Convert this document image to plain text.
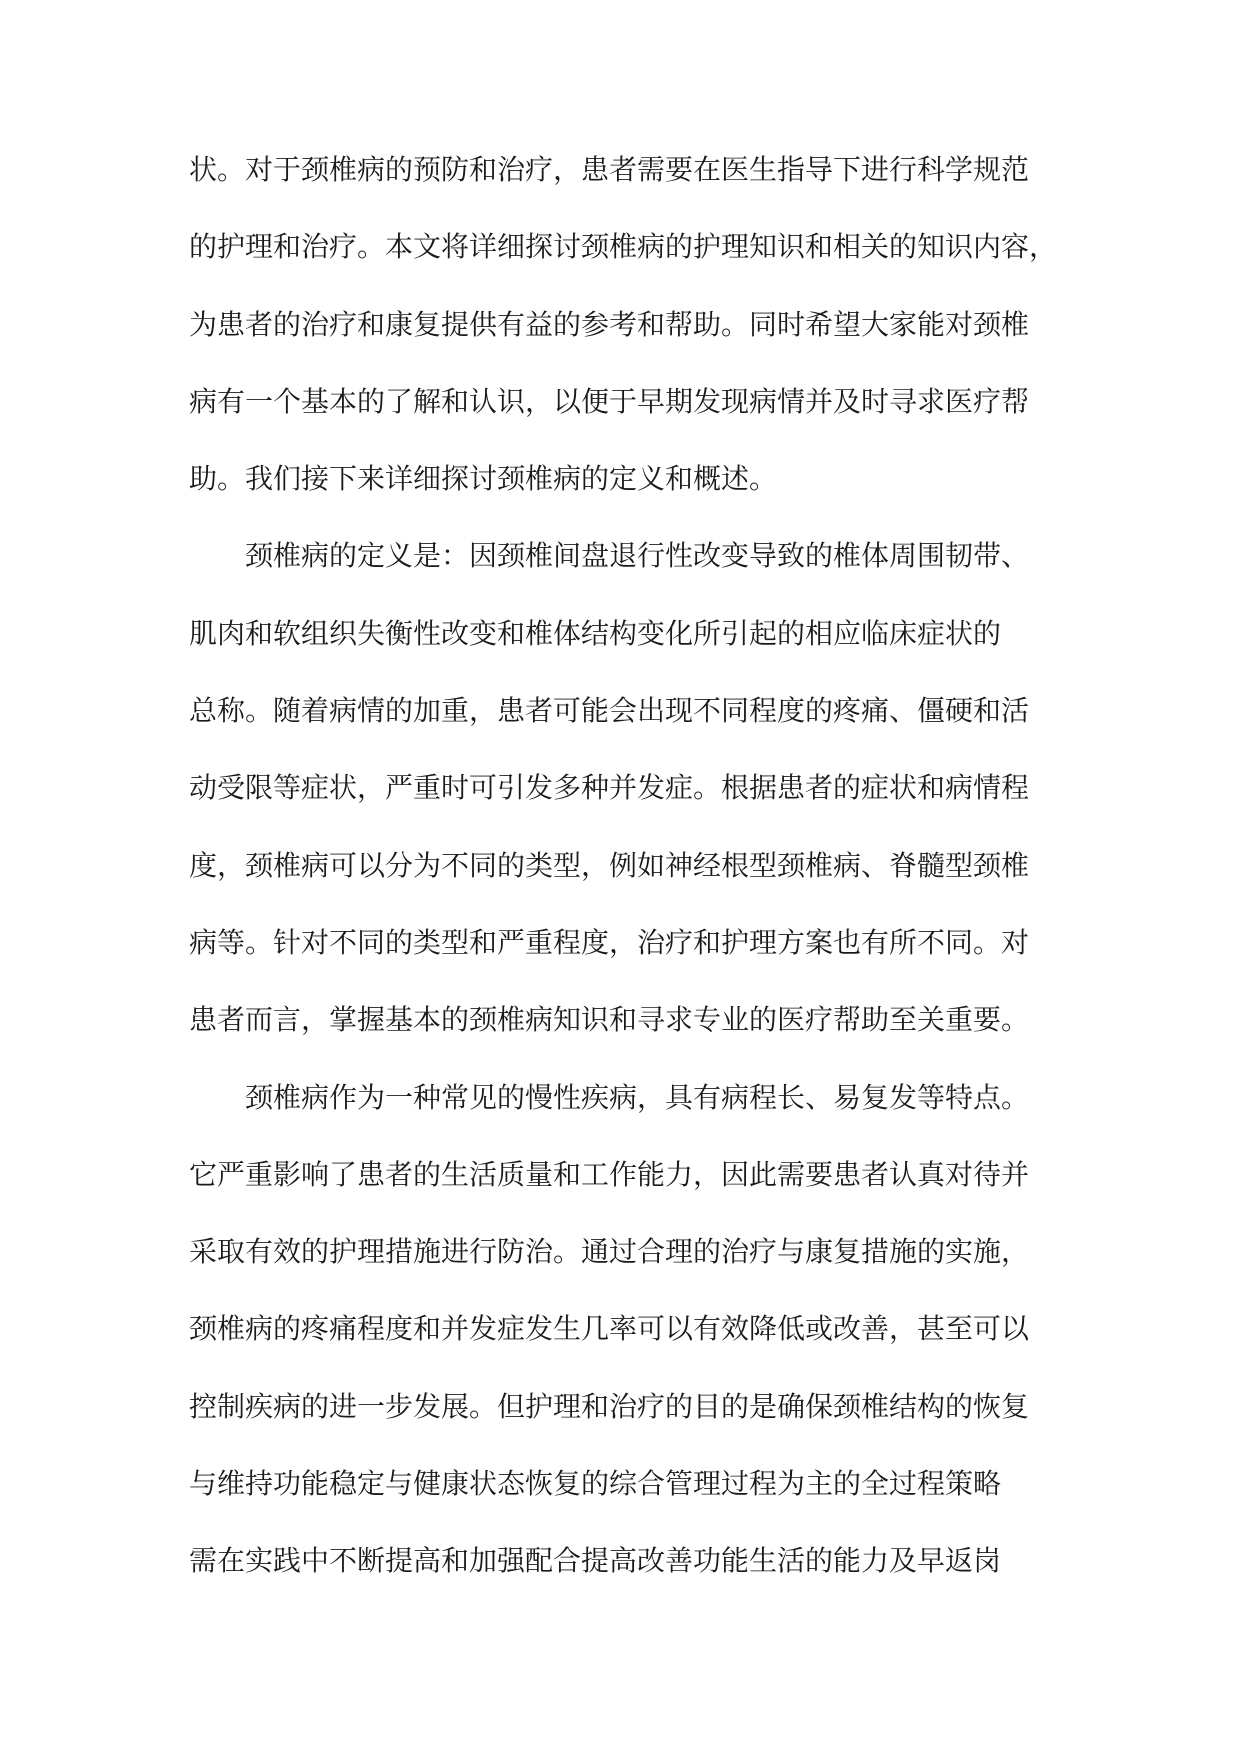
状。对于颈椎病的预防和治疗，患者需要在医生指导下进行科学规范
的护理和治疗。本文将详细探讨颈椎病的护理知识和相关的知识内容，
为患者的治疗和康复提供有益的参考和帮助。同时希望大家能对颈椎
病有一个基本的了解和认识，以便于早期发现病情并及时寻求医疗帮
助。我们接下来详细探讨颈椎病的定义和概述。
　　颈椎病的定义是：因颈椎间盘退行性改变导致的椎体周围韧带、
肌肉和软组织失衡性改变和椎体结构变化所引起的相应临床症状的
总称。随着病情的加重，患者可能会出现不同程度的疼痛、僵硬和活
动受限等症状，严重时可引发多种并发症。根据患者的症状和病情程
度，颈椎病可以分为不同的类型，例如神经根型颈椎病、脊髓型颈椎
病等。针对不同的类型和严重程度，治疗和护理方案也有所不同。对
患者而言，掌握基本的颈椎病知识和寻求专业的医疗帮助至关重要。
　　颈椎病作为一种常见的慢性疾病，具有病程长、易复发等特点。
它严重影响了患者的生活质量和工作能力，因此需要患者认真对待并
采取有效的护理措施进行防治。通过合理的治疗与康复措施的实施，
颈椎病的疼痛程度和并发症发生几率可以有效降低或改善，甚至可以
控制疾病的进一步发展。但护理和治疗的目的是确保颈椎结构的恢复
与维持功能稳定与健康状态恢复的综合管理过程为主的全过程策略
需在实践中不断提高和加强配合提高改善功能生活的能力及早返岗
